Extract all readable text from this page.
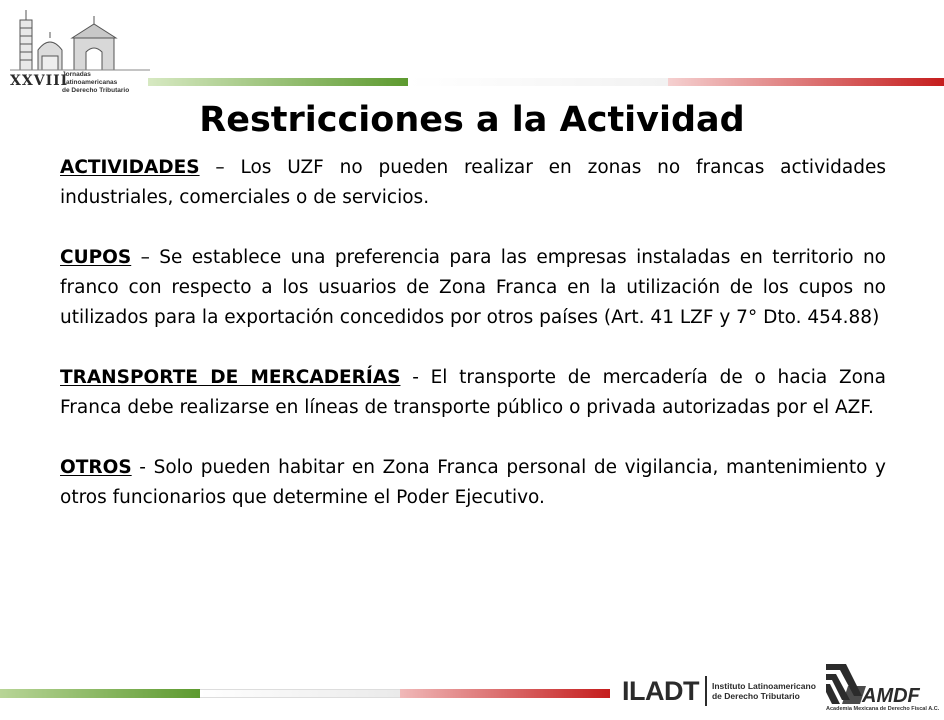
XXVIII
Jornadas Latinoamericanas
de Derecho Tributario
Restricciones a la Actividad

ACTIVIDADES – Los UZF no pueden realizar en zonas no francas actividades industriales, comerciales o de servicios.

CUPOS – Se establece una preferencia para las empresas instaladas en territorio no franco con respecto a los usuarios de Zona Franca en la utilización de los cupos no utilizados para la exportación concedidos por otros países (Art. 41 LZF y 7° Dto. 454.88)

TRANSPORTE DE MERCADERÍAS - El transporte de mercadería de o hacia Zona Franca debe realizarse en líneas de transporte público o privada autorizadas por el AZF.

OTROS - Solo pueden habitar en Zona Franca personal de vigilancia, mantenimiento y otros funcionarios que determine el Poder Ejecutivo.

ILADT Instituto Latinoamericano
de Derecho Tributario	AMDF
Academia Mexicana de Derecho Fiscal A.C.
